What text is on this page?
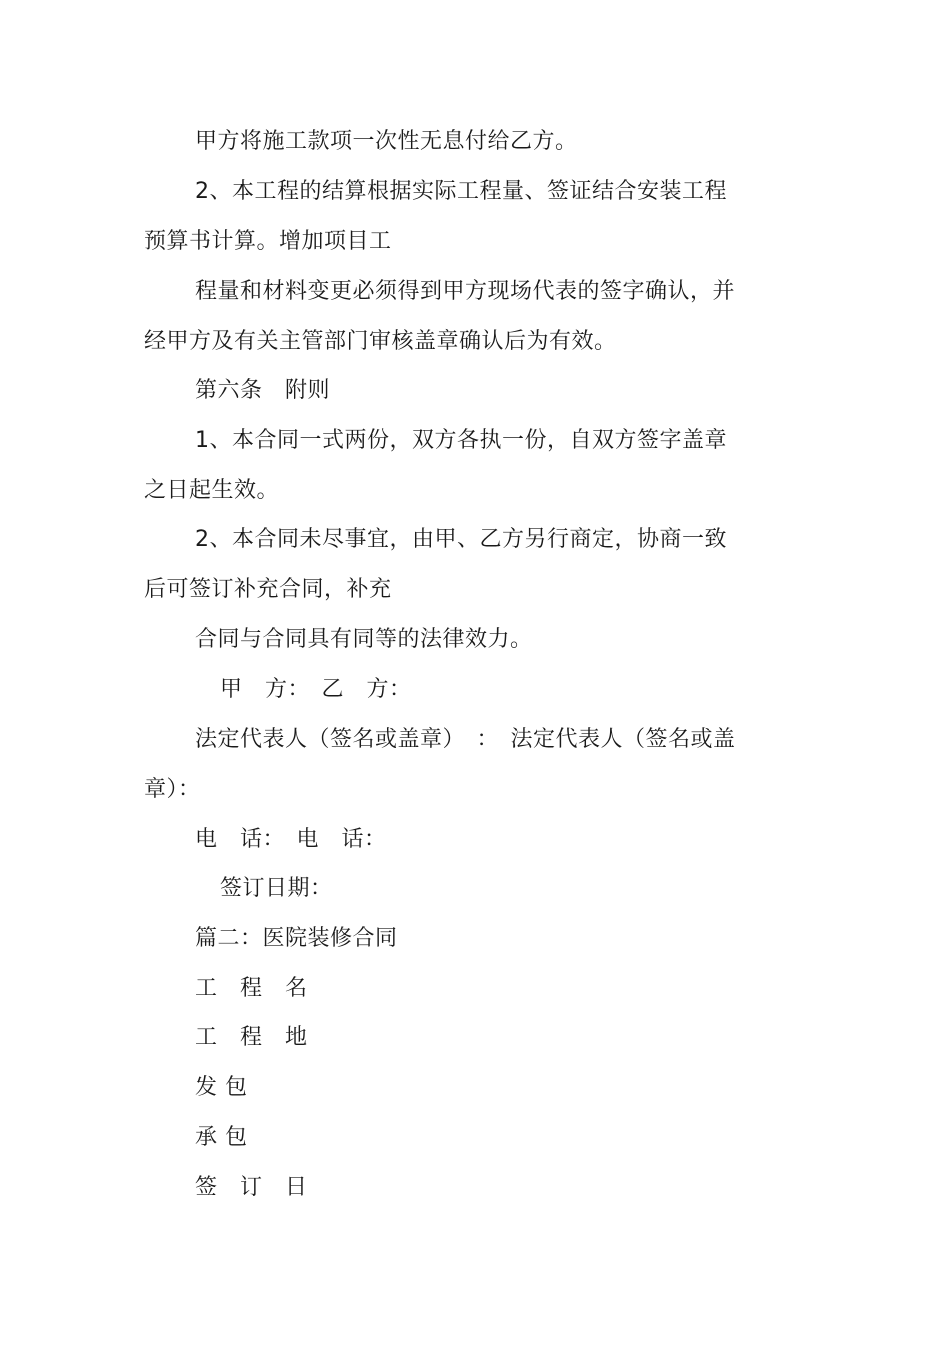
甲方将施工款项一次性无息付给乙方。
2、本工程的结算根据实际工程量、签证结合安装工程
预算书计算。增加项目工
程量和材料变更必须得到甲方现场代表的签字确认，并
经甲方及有关主管部门审核盖章确认后为有效。
第六条　附则
1、本合同一式两份，双方各执一份，自双方签字盖章
之日起生效。
2、本合同未尽事宜，由甲、乙方另行商定，协商一致
后可签订补充合同，补充
合同与合同具有同等的法律效力。
甲　方：　乙　方：
法定代表人（签名或盖章）　：　法定代表人（签名或盖
章）：
电　话：　电　话：
签订日期：
篇二：医院装修合同
工　程　名
工　程　地
发 包
承 包
签　订　日
